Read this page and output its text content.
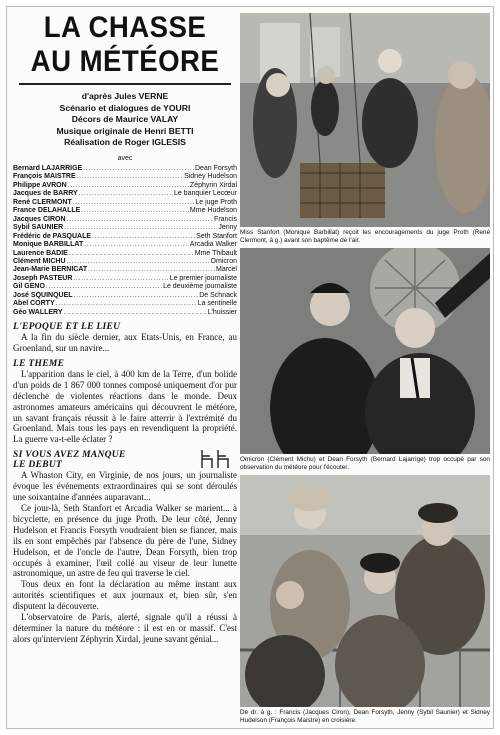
LA CHASSE
AU MÉTÉORE
d'après Jules VERNE
Scénario et dialogues de YOURI
Décors de Maurice VALAY
Musique originale de Henri BETTI
Réalisation de Roger IGLESIS
avec
Bernard LAJARRIGE .....	Dean Forsyth
François MAISTRE .....	Sidney Hudelson
Philippe AVRON .....	Zéphyrin Xirdal
Jacques de BARRY .....	Le banquier Lecœur
René CLERMONT .....	Le juge Proth
France DELAHALLE .....	Mme Hudelson
Jacques CIRON .....	Francis
Sybil SAUNIER .....	Jenny
Frédéric de PASQUALE .....	Seth Stanfort
Monique BARBILLAT .....	Arcadia Walker
Laurence BADIE .....	Mme Thibault
Clément MICHU .....	Omicron
Jean-Marie BERNICAT .....	Marcel
Joseph PASTEUR .....	Le premier journaliste
Gil GENO .....	Le deuxième journaliste
José SQUINQUEL .....	De Schnack
Abel CORTY .....	La sentinelle
Géo WALLERY .....	L'huissier
L'EPOQUE ET LE LIEU

A la fin du siècle dernier, aux Etats-Unis, en France, au Groenland, sur un navire...

LE THEME

L'apparition dans le ciel, à 400 km de la Terre, d'un bolide d'un poids de 1 867 000 tonnes composé uniquement d'or pur déclenche de violentes réactions dans le monde. Deux astronomes amateurs américains qui découvrent le météore, un savant français réussit à le faire atterrir à l'extrémité du Groenland. Mais tous les pays en revendiquent la propriété. La guerre va-t-elle éclater ?

SI VOUS AVEZ MANQUE
LE DEBUT

A Whaston City, en Virginie, de nos jours, un journaliste évoque les événements extraordinaires qui se sont déroulés une soixantaine d'années auparavant...

Ce jour-là, Seth Stanfort et Arcadia Walker se marient... à bicyclette, en présence du juge Proth. De leur côté, Jenny Hudelson et Francis Forsyth voudraient bien se fiancer, mais ils en sont empêchés par l'absence du père de l'une, Sidney Hudelson, et de l'oncle de l'autre, Dean Forsyth, bien trop occupés à examiner, l'œil collé au viseur de leur lunette astronomique, un astre de feu qui traverse le ciel.

Tous deux en font la déclaration au même instant aux autorités scientifiques et aux journaux et, bien sûr, s'en disputent la découverte.

L'observatoire de Paris, alerté, signale qu'il a réussi à déterminer la nature du météore : il est en or massif. C'est alors qu'intervient Zéphyrin Xirdal, jeune savant génial...

Miss Stanfort (Monique Barbillat) reçoit les encouragements du juge Proth (René Clermont, à g.) avant son baptême de l'air.
Omicron (Clément Michu) et Dean Forsyth (Bernard Lajarrige) trop occupé par son observation du météore pour l'écouter.
De dr. à g. : Francis (Jacques Ciron), Dean Forsyth, Jenny (Sybil Saunier) et Sidney Hudelson (François Maistre) en croisière.
